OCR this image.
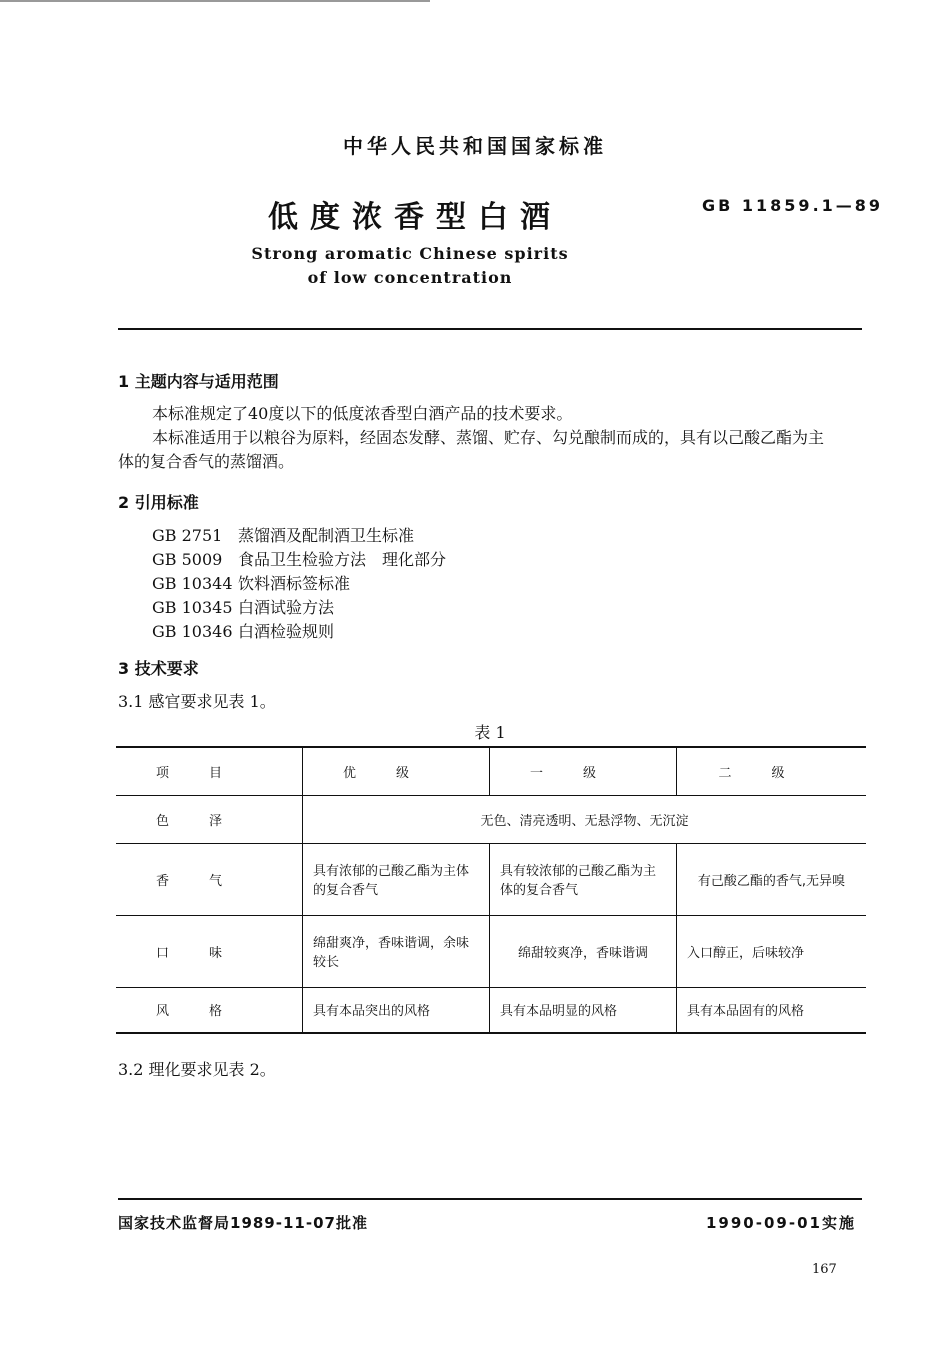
中华人民共和国国家标准
低度浓香型白酒	GB 11859.1—89
Strong aromatic Chinese spirits
of low concentration
1 主题内容与适用范围
本标准规定了40度以下的低度浓香型白酒产品的技术要求。
本标准适用于以粮谷为原料，经固态发酵、蒸馏、贮存、勾兑酿制而成的，具有以己酸乙酯为主
体的复合香气的蒸馏酒。
2 引用标准
GB 2751 蒸馏酒及配制酒卫生标准
GB 5009 食品卫生检验方法　理化部分
GB 10344 饮料酒标签标准
GB 10345 白酒试验方法
GB 10346 白酒检验规则
3 技术要求
3.1 感官要求见表 1。
表 1
项目	优级	一级	二级
色泽	无色、清亮透明、无悬浮物、无沉淀		
香气	具有浓郁的己酸乙酯为主体的复合香气	具有较浓郁的己酸乙酯为主体的复合香气	有己酸乙酯的香气,无异嗅
口味	绵甜爽净，香味谐调，余味较长	绵甜较爽净，香味谐调	入口醇正，后味较净
风格	具有本品突出的风格	具有本品明显的风格	具有本品固有的风格
3.2 理化要求见表 2。
国家技术监督局1989-11-07批准	1990-09-01实施
167
